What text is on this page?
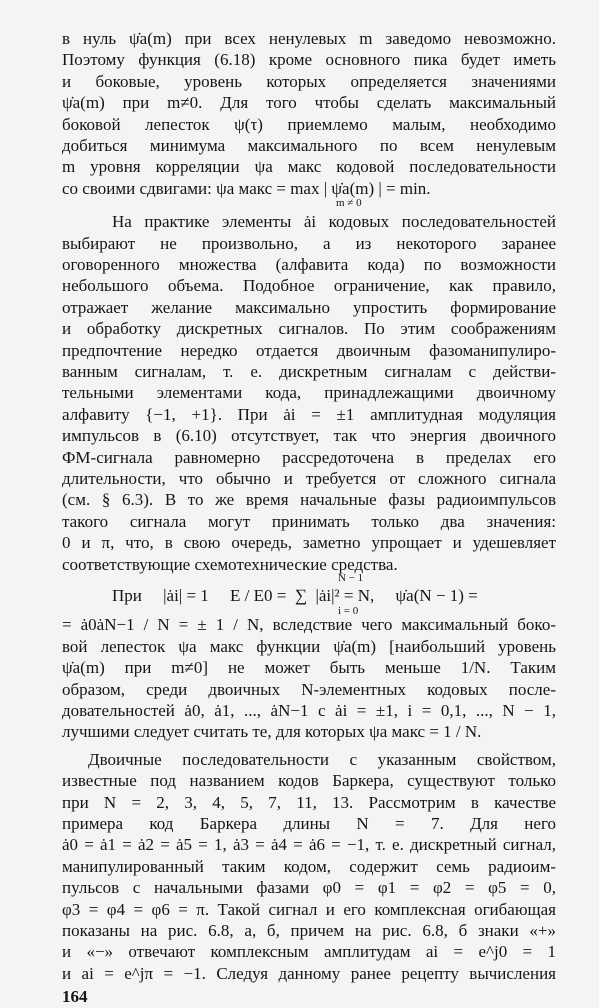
в нуль ψ̇а(m) при всех ненулевых m заведомо невозможно.
Поэтому функция (6.18) кроме основного пика будет иметь
и боковые, уровень которых определяется значениями
ψ̇а(m) при m≠0. Для того чтобы сделать максимальный
боковой лепесток ψ(τ) приемлемо малым, необходимо
добиться минимума максимального по всем ненулевым
m уровня корреляции ψа макс кодовой последовательности
со своими сдвигами: ψа макс = max | ψ̇а(m) | = min.
m ≠ 0
На практике элементы ȧi кодовых последовательностей
выбирают не произвольно, а из некоторого заранее
оговоренного множества (алфавита кода) по возможности
небольшого объема. Подобное ограничение, как правило,
отражает желание максимально упростить формирование
и обработку дискретных сигналов. По этим соображениям
предпочтение нередко отдается двоичным фазоманипулиро-
ванным сигналам, т. е. дискретным сигналам с действи-
тельными элементами кода, принадлежащими двоичному
алфавиту {−1, +1}. При ȧi = ±1 амплитудная модуляция
импульсов в (6.10) отсутствует, так что энергия двоичного
ФМ-сигнала равномерно рассредоточена в пределах его
длительности, что обычно и требуется от сложного сигнала
(см. § 6.3). В то же время начальные фазы радиоимпульсов
такого сигнала могут принимать только два значения:
0 и π, что, в свою очередь, заметно упрощает и удешевляет
соответствующие схемотехнические средства.
N − 1
При     |ȧi| = 1     E / E0 =  ∑  |ȧi|² = N,     ψ̇а(N − 1) =
i = 0
= ȧ0ȧN−1 / N = ± 1 / N, вследствие чего максимальный боко-
вой лепесток ψа макс функции ψ̇а(m) [наибольший уровень
ψ̇а(m) при m≠0] не может быть меньше 1/N. Таким
образом, среди двоичных N-элементных кодовых после-
довательностей ȧ0, ȧ1, ..., ȧN−1 с ȧi = ±1, i = 0,1, ..., N − 1,
лучшими следует считать те, для которых ψа макс = 1 / N.
Двоичные последовательности с указанным свойством,
известные под названием кодов Баркера, существуют только
при N = 2, 3, 4, 5, 7, 11, 13. Рассмотрим в качестве
примера код Баркера длины N = 7. Для него
ȧ0 = ȧ1 = ȧ2 = ȧ5 = 1, ȧ3 = ȧ4 = ȧ6 = −1, т. е. дискретный сигнал,
манипулированный таким кодом, содержит семь радиоим-
пульсов с начальными фазами φ0 = φ1 = φ2 = φ5 = 0,
φ3 = φ4 = φ6 = π. Такой сигнал и его комплексная огибающая
показаны на рис. 6.8, а, б, причем на рис. 6.8, б знаки «+»
и «−» отвечают комплексным амплитудам ai = e^j0 = 1
и ai = e^jπ = −1. Следуя данному ранее рецепту вычисления
164
